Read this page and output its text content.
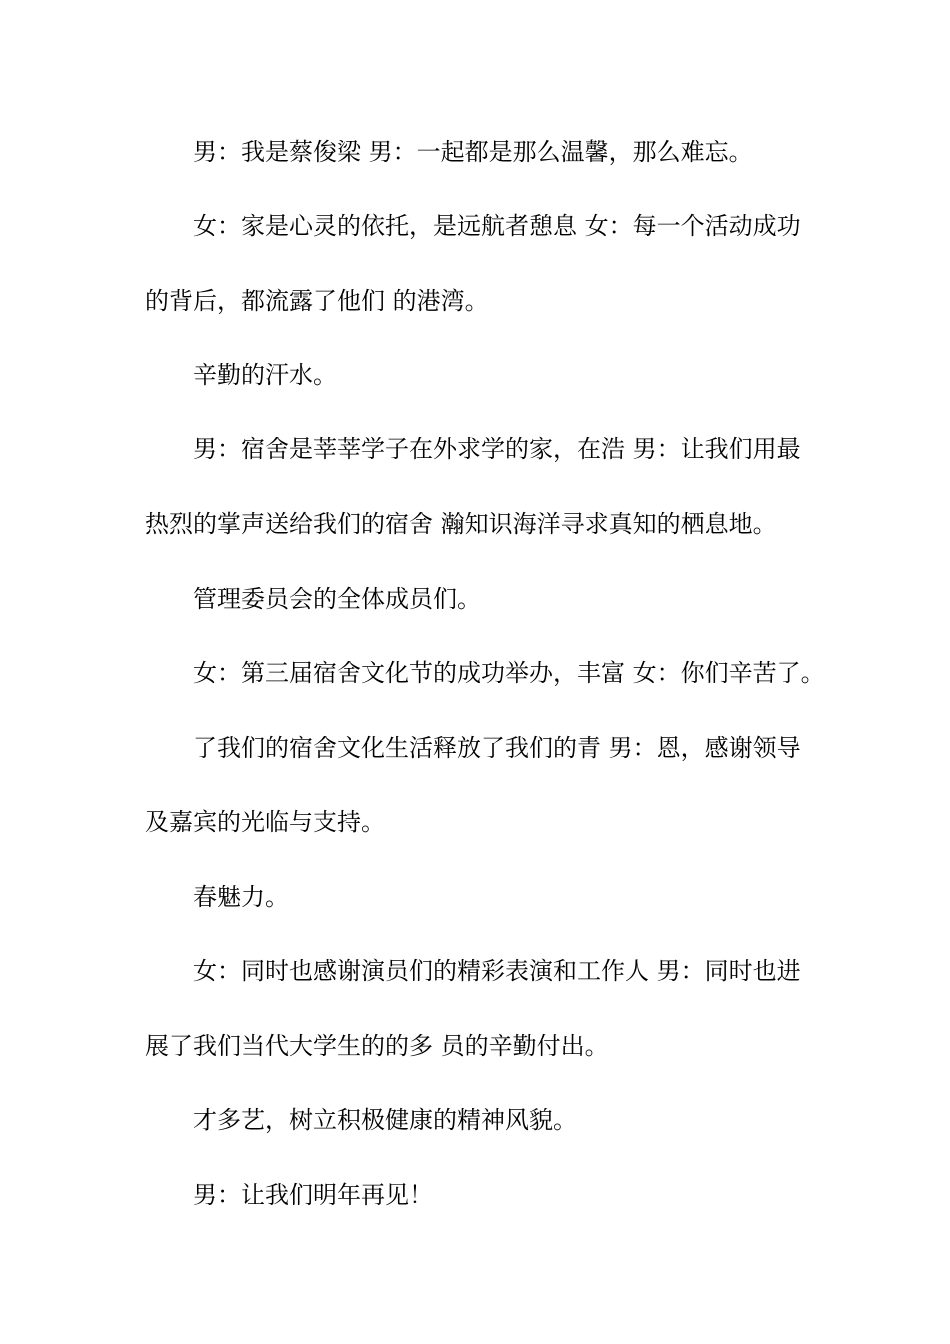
男：我是蔡俊梁 男：一起都是那么温馨，那么难忘。
女：家是心灵的依托，是远航者憩息 女：每一个活动成功
的背后，都流露了他们 的港湾。
辛勤的汗水。
男：宿舍是莘莘学子在外求学的家，在浩 男：让我们用最
热烈的掌声送给我们的宿舍 瀚知识海洋寻求真知的栖息地。
管理委员会的全体成员们。
女：第三届宿舍文化节的成功举办，丰富 女：你们辛苦了。
了我们的宿舍文化生活释放了我们的青 男：恩，感谢领导
及嘉宾的光临与支持。
春魅力。
女：同时也感谢演员们的精彩表演和工作人 男：同时也进
展了我们当代大学生的的多 员的辛勤付出。
才多艺，树立积极健康的精神风貌。
男：让我们明年再见！
